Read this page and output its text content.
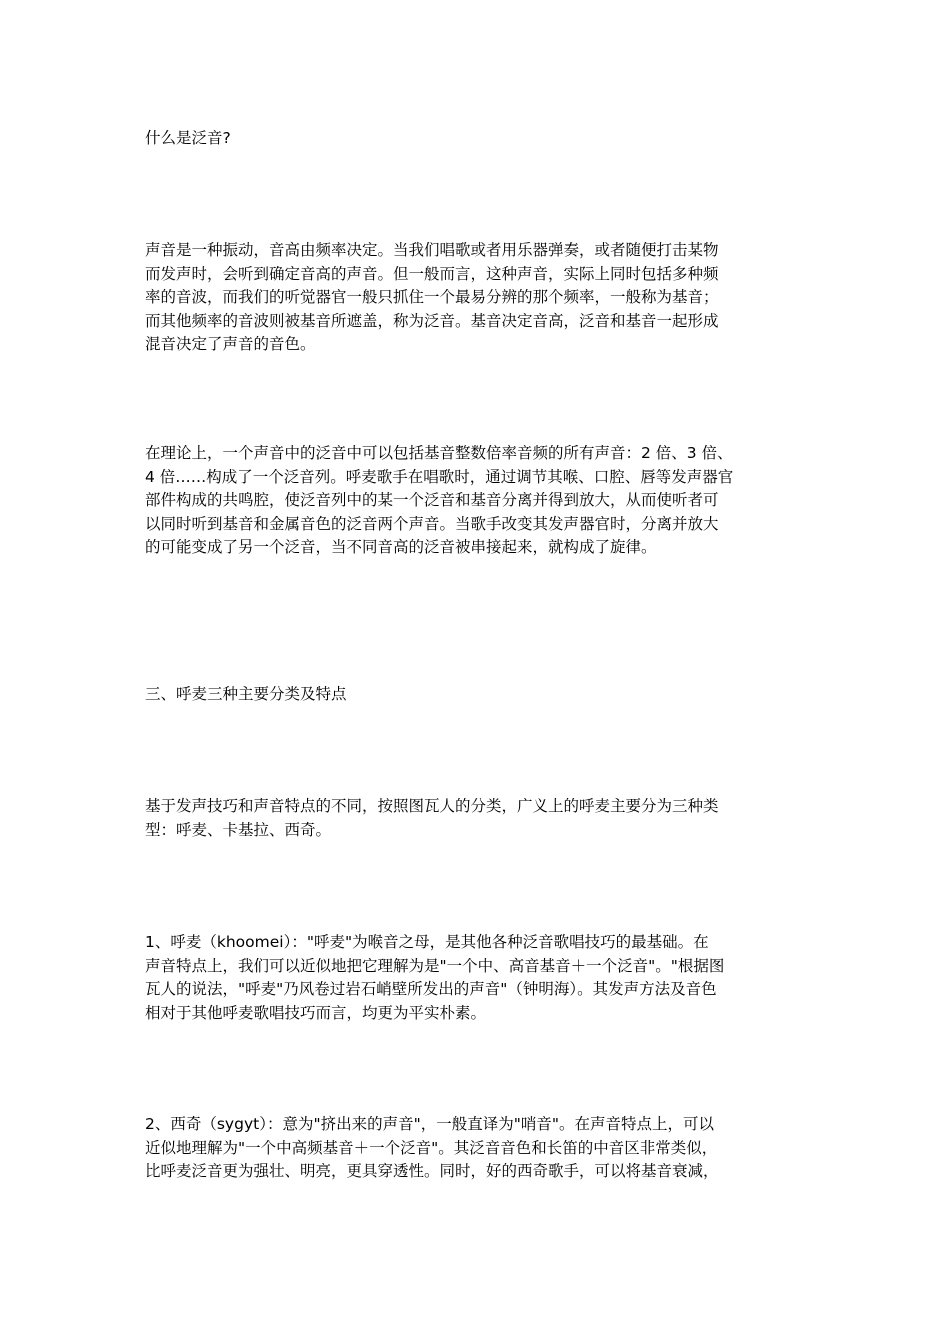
什么是泛音?

声音是一种振动，音高由频率决定。当我们唱歌或者用乐器弹奏，或者随便打击某物
而发声时，会听到确定音高的声音。但一般而言，这种声音，实际上同时包括多种频
率的音波，而我们的听觉器官一般只抓住一个最易分辨的那个频率，一般称为基音；
而其他频率的音波则被基音所遮盖，称为泛音。基音决定音高，泛音和基音一起形成
混音决定了声音的音色。

在理论上，一个声音中的泛音中可以包括基音整数倍率音频的所有声音：2 倍、3 倍、
4 倍……构成了一个泛音列。呼麦歌手在唱歌时，通过调节其喉、口腔、唇等发声器官
部件构成的共鸣腔，使泛音列中的某一个泛音和基音分离并得到放大，从而使听者可
以同时听到基音和金属音色的泛音两个声音。当歌手改变其发声器官时，分离并放大
的可能变成了另一个泛音，当不同音高的泛音被串接起来，就构成了旋律。

三、呼麦三种主要分类及特点

基于发声技巧和声音特点的不同，按照图瓦人的分类，广义上的呼麦主要分为三种类
型：呼麦、卡基拉、西奇。

1、呼麦（khoomei）："呼麦"为喉音之母，是其他各种泛音歌唱技巧的最基础。在
声音特点上，我们可以近似地把它理解为是"一个中、高音基音＋一个泛音"。"根据图
瓦人的说法，"呼麦"乃风卷过岩石峭壁所发出的声音"（钟明海）。其发声方法及音色
相对于其他呼麦歌唱技巧而言，均更为平实朴素。

2、西奇（sygyt）：意为"挤出来的声音"，一般直译为"哨音"。在声音特点上，可以
近似地理解为"一个中高频基音＋一个泛音"。其泛音音色和长笛的中音区非常类似，
比呼麦泛音更为强壮、明亮，更具穿透性。同时，好的西奇歌手，可以将基音衰减，
